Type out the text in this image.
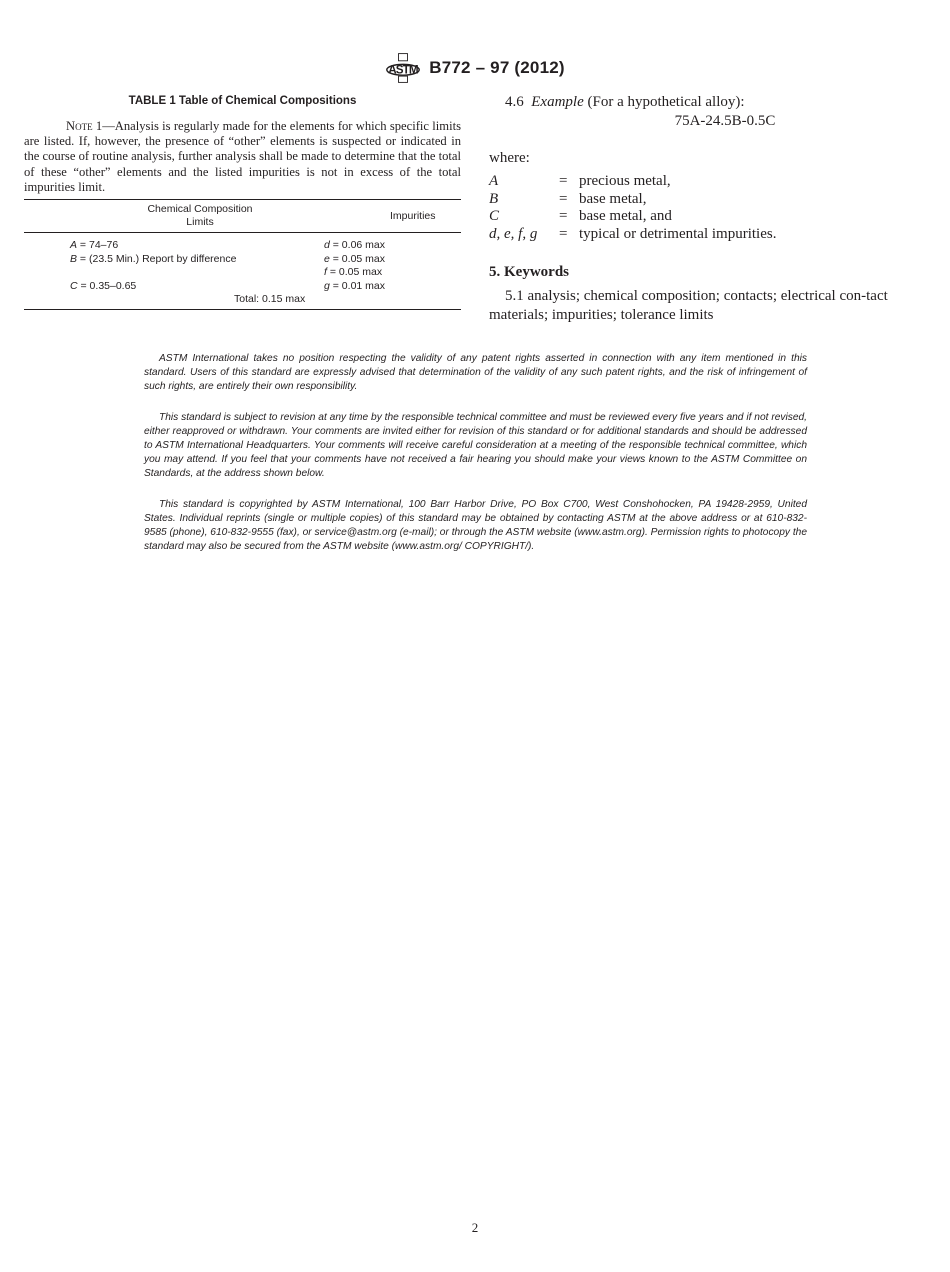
ASTM B772 – 97 (2012)
TABLE 1 Table of Chemical Compositions

Note 1—Analysis is regularly made for the elements for which specific limits are listed. If, however, the presence of “other” elements is suspected or indicated in the course of routine analysis, further analysis shall be made to determine that the total of these “other” elements and the listed impurities is not in excess of the total impurities limit.

Chemical Composition
Limits	Impurities
A = 74–76	d = 0.06 max
B = (23.5 Min.) Report by difference	e = 0.05 max
	f = 0.05 max
C = 0.35–0.65	g = 0.01 max
Total: 0.15 max	

4.6 Example (For a hypothetical alloy):

75A-24.5B-0.5C

where:
A	= precious metal,
B	= base metal,
C	= base metal, and
d, e, f, g	= typical or detrimental impurities.
5. Keywords

5.1 analysis; chemical composition; contacts; electrical con-tact materials; impurities; tolerance limits

ASTM International takes no position respecting the validity of any patent rights asserted in connection with any item mentioned in this standard. Users of this standard are expressly advised that determination of the validity of any such patent rights, and the risk of infringement of such rights, are entirely their own responsibility.

This standard is subject to revision at any time by the responsible technical committee and must be reviewed every five years and if not revised, either reapproved or withdrawn. Your comments are invited either for revision of this standard or for additional standards and should be addressed to ASTM International Headquarters. Your comments will receive careful consideration at a meeting of the responsible technical committee, which you may attend. If you feel that your comments have not received a fair hearing you should make your views known to the ASTM Committee on Standards, at the address shown below.

This standard is copyrighted by ASTM International, 100 Barr Harbor Drive, PO Box C700, West Conshohocken, PA 19428-2959, United States. Individual reprints (single or multiple copies) of this standard may be obtained by contacting ASTM at the above address or at 610-832-9585 (phone), 610-832-9555 (fax), or service@astm.org (e-mail); or through the ASTM website (www.astm.org). Permission rights to photocopy the standard may also be secured from the ASTM website (www.astm.org/ COPYRIGHT/).

2
